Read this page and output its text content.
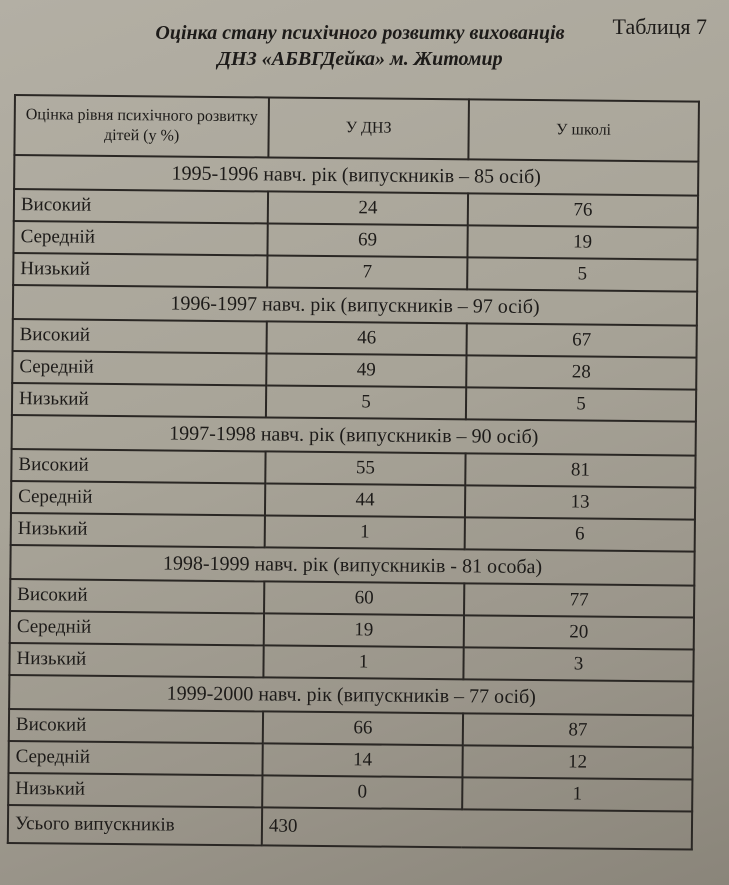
Таблиця 7
Оцінка стану психічного розвитку вихованців
ДНЗ «АБВГДейка» м. Житомир
Оцінка рівня психічного розвитку дітей (у %)	У ДНЗ	У школі
1995-1996 навч. рік (випускників – 85 осіб)		
Високий	24	76
Середній	69	19
Низький	7	5
1996-1997 навч. рік (випускників – 97 осіб)		
Високий	46	67
Середній	49	28
Низький	5	5
1997-1998 навч. рік (випускників – 90 осіб)		
Високий	55	81
Середній	44	13
Низький	1	6
1998-1999 навч. рік (випускників - 81 особа)		
Високий	60	77
Середній	19	20
Низький	1	3
1999-2000 навч. рік (випускників – 77 осіб)		
Високий	66	87
Середній	14	12
Низький	0	1
Усього випускників	430	
